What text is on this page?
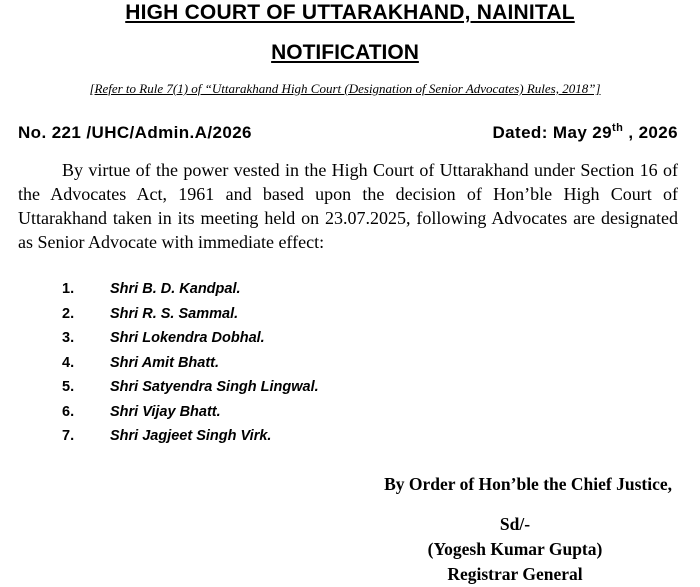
HIGH COURT OF UTTARAKHAND, NAINITAL
NOTIFICATION
[Refer to Rule 7(1) of “Uttarakhand High Court (Designation of Senior Advocates) Rules, 2018”]
No. 221 /UHC/Admin.A/2026	Dated: May 29th , 2026

By virtue of the power vested in the High Court of Uttarakhand under Section 16 of the Advocates Act, 1961 and based upon the decision of Hon’ble High Court of Uttarakhand taken in its meeting held on 23.07.2025, following Advocates are designated as Senior Advocate with immediate effect:

1. Shri B. D. Kandpal.
2. Shri R. S. Sammal.
3. Shri Lokendra Dobhal.
4. Shri Amit Bhatt.
5. Shri Satyendra Singh Lingwal.
6. Shri Vijay Bhatt.
7. Shri Jagjeet Singh Virk.
By Order of Hon’ble the Chief Justice,
Sd/-
(Yogesh Kumar Gupta)
Registrar General
